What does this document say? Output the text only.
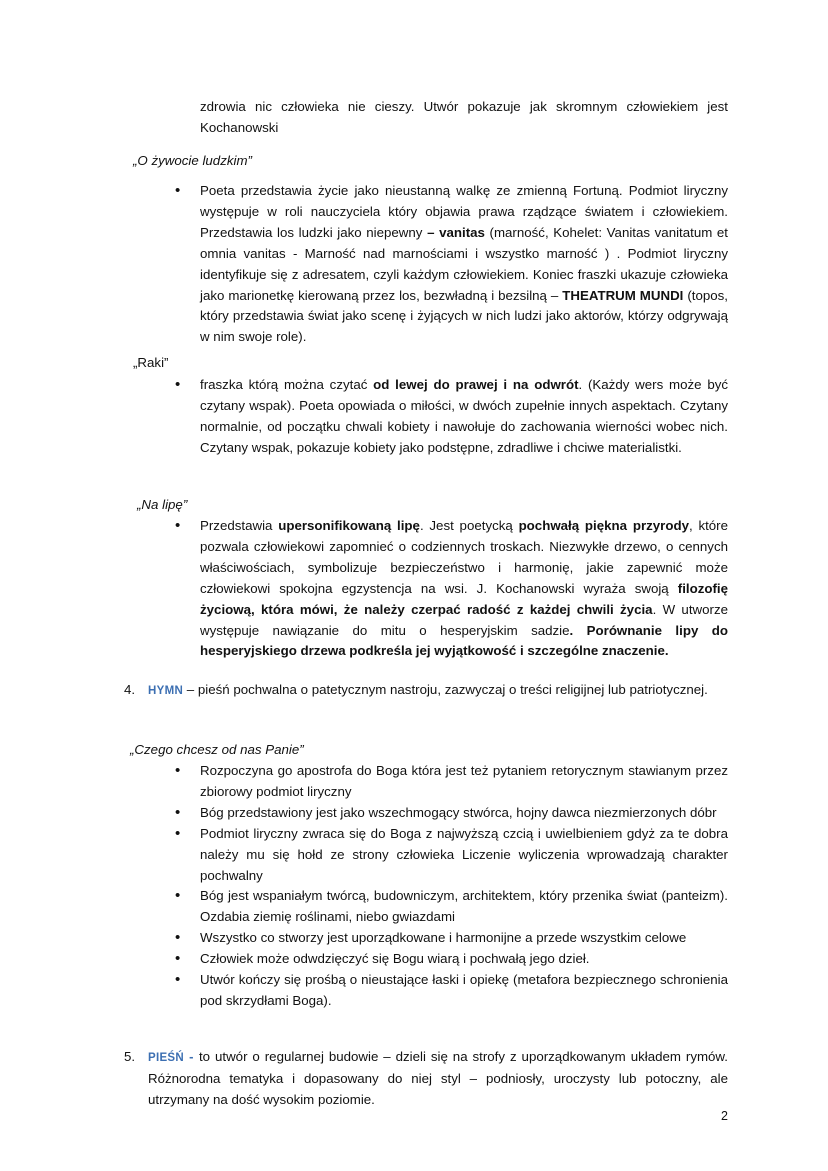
zdrowia nic człowieka nie cieszy. Utwór pokazuje jak skromnym człowiekiem jest

Kochanowski

„O żywocie ludzkim”
• Poeta przedstawia życie jako nieustanną walkę ze zmienną Fortuną. Podmiot liryczny występuje w roli nauczyciela który objawia prawa rządzące światem i człowiekiem. Przedstawia los ludzki jako niepewny – vanitas (marność, Kohelet: Vanitas vanitatum et omnia vanitas - Marność nad marnościami i wszystko marność ) . Podmiot liryczny identyfikuje się z adresatem, czyli każdym człowiekiem. Koniec fraszki ukazuje człowieka jako marionetkę kierowaną przez los, bezwładną i bezsilną – THEATRUM MUNDI (topos, który przedstawia świat jako scenę i żyjących w nich ludzi jako aktorów, którzy odgrywają w nim swoje role).
„Raki”
• fraszka którą można czytać od lewej do prawej i na odwrót. (Każdy wers może być czytany wspak). Poeta opowiada o miłości, w dwóch zupełnie innych aspektach. Czytany normalnie, od początku chwali kobiety i nawołuje do zachowania wierności wobec nich. Czytany wspak, pokazuje kobiety jako podstępne, zdradliwe i chciwe materialistki.
„Na lipę”
• Przedstawia upersonifikowaną lipę. Jest poetycką pochwałą piękna przyrody, które pozwala człowiekowi zapomnieć o codziennych troskach. Niezwykłe drzewo, o cennych właściwościach, symbolizuje bezpieczeństwo i harmonię, jakie zapewnić może człowiekowi spokojna egzystencja na wsi. J. Kochanowski wyraża swoją filozofię życiową, która mówi, że należy czerpać radość z każdej chwili życia. W utworze występuje nawiązanie do mitu o hesperyjskim sadzie. Porównanie lipy do hesperyjskiego drzewa podkreśla jej wyjątkowość i szczególne znaczenie.
4. HYMN – pieśń pochwalna o patetycznym nastroju, zazwyczaj o treści religijnej lub patriotycznej.

„Czego chcesz od nas Panie”
• Rozpoczyna go apostrofa do Boga która jest też pytaniem retorycznym stawianym przez zbiorowy podmiot liryczny
• Bóg przedstawiony jest jako wszechmogący stwórca, hojny dawca niezmierzonych dóbr
• Podmiot liryczny zwraca się do Boga z najwyższą czcią i uwielbieniem gdyż za te dobra należy mu się hołd ze strony człowieka Liczenie wyliczenia wprowadzają charakter pochwalny
• Bóg jest wspaniałym twórcą, budowniczym, architektem, który przenika świat (panteizm). Ozdabia ziemię roślinami, niebo gwiazdami
• Wszystko co stworzy jest uporządkowane i harmonijne a przede wszystkim celowe
• Człowiek może odwdzięczyć się Bogu wiarą i pochwałą jego dzieł.
• Utwór kończy się prośbą o nieustające łaski i opiekę (metafora bezpiecznego schronienia pod skrzydłami Boga).
5. PIEŚŃ - to utwór o regularnej budowie – dzieli się na strofy z uporządkowanym układem rymów. Różnorodna tematyka i dopasowany do niej styl – podniosły, uroczysty lub potoczny, ale utrzymany na dość wysokim poziomie.

2
